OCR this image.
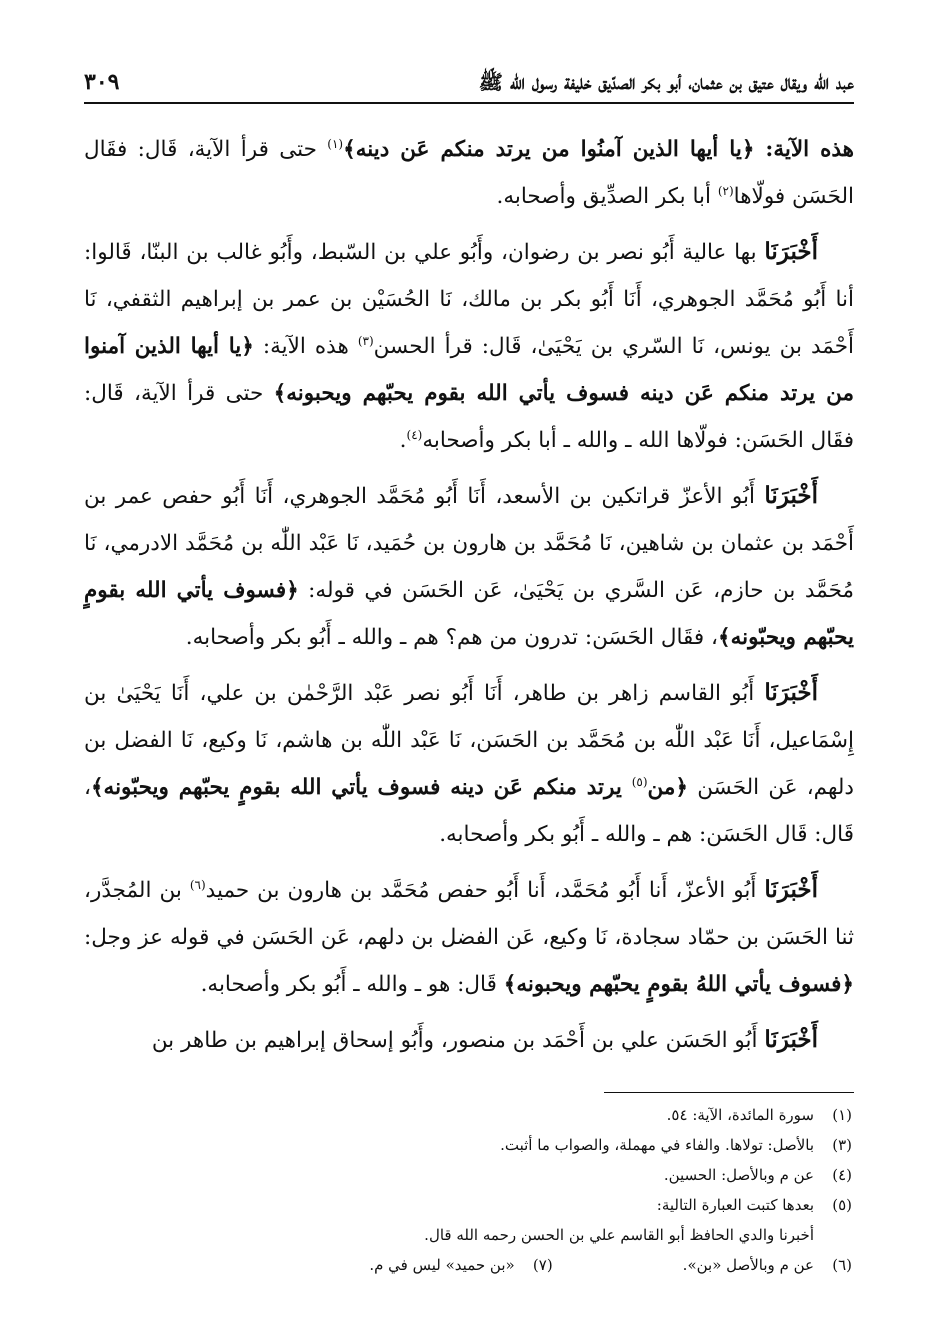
عبد الله ويقال عتيق بن عثمان، أبو بكر الصدّيق خليفة رسول الله ﷺ
٣٠٩

هذه الآية: ﴿يا أيها الذين آمنُوا من يرتد منكم عَن دينه﴾$^{(١)}$ حتى قرأ الآية، قَال: فقَال الحَسَن فولّاها$^{(٢)}$ أبا بكر الصدِّيق وأصحابه.

أَخْبَرَنَا بها عالية أَبُو نصر بن رضوان، وأَبُو علي بن السّبط، وأَبُو غالب بن البنّا، قَالوا: أنا أَبُو مُحَمَّد الجوهري، أَنَا أَبُو بكر بن مالك، نَا الحُسَيْن بن عمر بن إبراهيم الثقفي، نَا أَحْمَد بن يونس، نَا السّري بن يَحْيَىٰ، قَال: قرأ الحسن$^{(٣)}$ هذه الآية: ﴿يا أيها الذين آمنوا من يرتد منكم عَن دينه فسوف يأتي الله بقوم يحبّهم ويحبونه﴾ حتى قرأ الآية، قَال: فقَال الحَسَن: فولّاها الله ـ والله ـ أبا بكر وأصحابه$^{(٤)}$.

أَخْبَرَنَا أَبُو الأعزّ قراتكين بن الأسعد، أَنَا أَبُو مُحَمَّد الجوهري، أَنَا أَبُو حفص عمر بن أَحْمَد بن عثمان بن شاهين، نَا مُحَمَّد بن هارون بن حُمَيد، نَا عَبْد اللّٰه بن مُحَمَّد الادرمي، نَا مُحَمَّد بن حازم، عَن السَّري بن يَحْيَىٰ، عَن الحَسَن في قوله: ﴿فسوف يأتي الله بقومٍ يحبّهم ويحبّونه﴾، فقَال الحَسَن: تدرون من هم؟ هم ـ والله ـ أَبُو بكر وأصحابه.

أَخْبَرَنَا أَبُو القاسم زاهر بن طاهر، أَنَا أَبُو نصر عَبْد الرَّحْمٰن بن علي، أَنَا يَحْيَىٰ بن إِسْمَاعيل، أَنَا عَبْد اللّٰه بن مُحَمَّد بن الحَسَن، نَا عَبْد اللّٰه بن هاشم، نَا وكيع، نَا الفضل بن دلهم، عَن الحَسَن ﴿من$^{(٥)}$ يرتد منكم عَن دينه فسوف يأتي الله بقومٍ يحبّهم ويحبّونه﴾، قَال: قَال الحَسَن: هم ـ والله ـ أَبُو بكر وأصحابه.

أَخْبَرَنَا أَبُو الأعزّ، أَنا أَبُو مُحَمَّد، أَنا أَبُو حفص مُحَمَّد بن هارون بن حميد$^{(٦)}$ بن المُجدَّر، ثنا الحَسَن بن حمّاد سجادة، نَا وكيع، عَن الفضل بن دلهم، عَن الحَسَن في قوله عز وجل: ﴿فسوف يأتي اللهُ بقومٍ يحبّهم ويحبونه﴾ قَال: هو ـ والله ـ أَبُو بكر وأصحابه.

أَخْبَرَنَا أَبُو الحَسَن علي بن أَحْمَد بن منصور، وأَبُو إسحاق إبراهيم بن طاهر بن

(١)
سورة المائدة، الآية: ٥٤.
(٣)
بالأصل: تولاها. والفاء في مهملة، والصواب ما أثبت.
(٤)
عن م وبالأصل: الحسين.
(٥)
بعدها كتبت العبارة التالية:
أخبرنا والدي الحافظ أبو القاسم علي بن الحسن رحمه الله قال.
(٦)
عن م وبالأصل «بن».
(٧)
«بن حميد» ليس في م.
